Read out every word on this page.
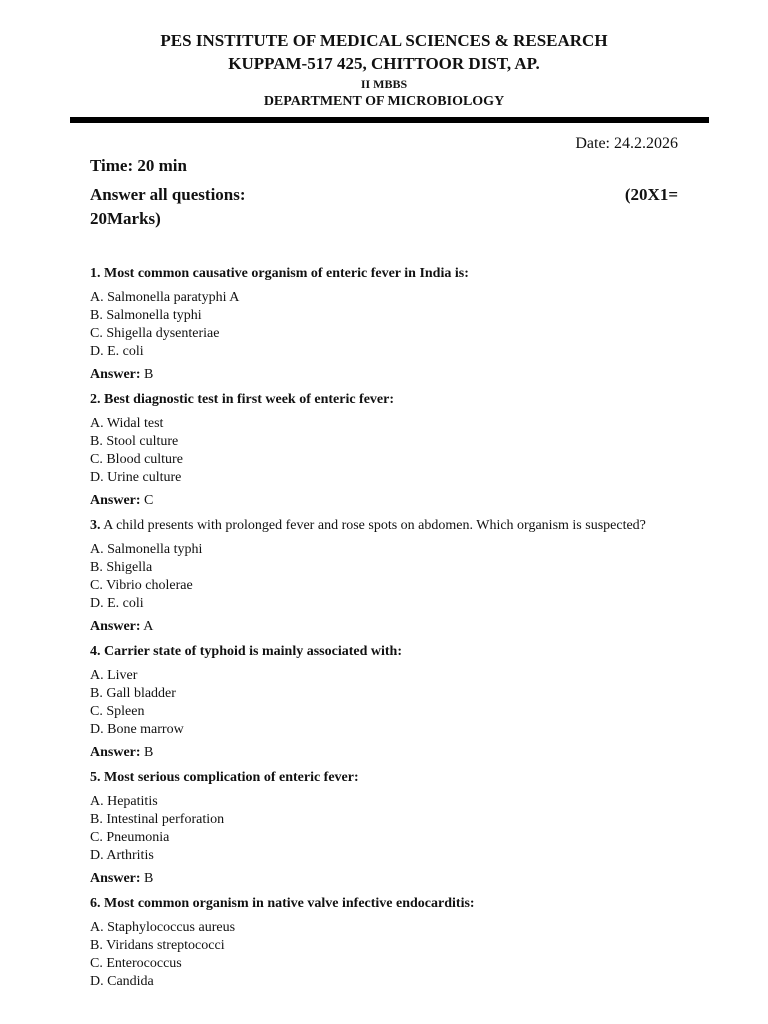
PES INSTITUTE OF MEDICAL SCIENCES & RESEARCH
KUPPAM-517 425, CHITTOOR DIST, AP.
II MBBS
DEPARTMENT OF MICROBIOLOGY
Date: 24.2.2026
Time: 20 min
Answer all questions:	(20X1=
20Marks)

1. Most common causative organism of enteric fever in India is:

A. Salmonella paratyphi A
B. Salmonella typhi
C. Shigella dysenteriae
D. E. coli

Answer: B

2. Best diagnostic test in first week of enteric fever:

A. Widal test
B. Stool culture
C. Blood culture
D. Urine culture

Answer: C

3. A child presents with prolonged fever and rose spots on abdomen. Which organism is suspected?

A. Salmonella typhi
B. Shigella
C. Vibrio cholerae
D. E. coli

Answer: A

4. Carrier state of typhoid is mainly associated with:

A. Liver
B. Gall bladder
C. Spleen
D. Bone marrow

Answer: B

5. Most serious complication of enteric fever:

A. Hepatitis
B. Intestinal perforation
C. Pneumonia
D. Arthritis

Answer: B

6. Most common organism in native valve infective endocarditis:

A. Staphylococcus aureus
B. Viridans streptococci
C. Enterococcus
D. Candida
